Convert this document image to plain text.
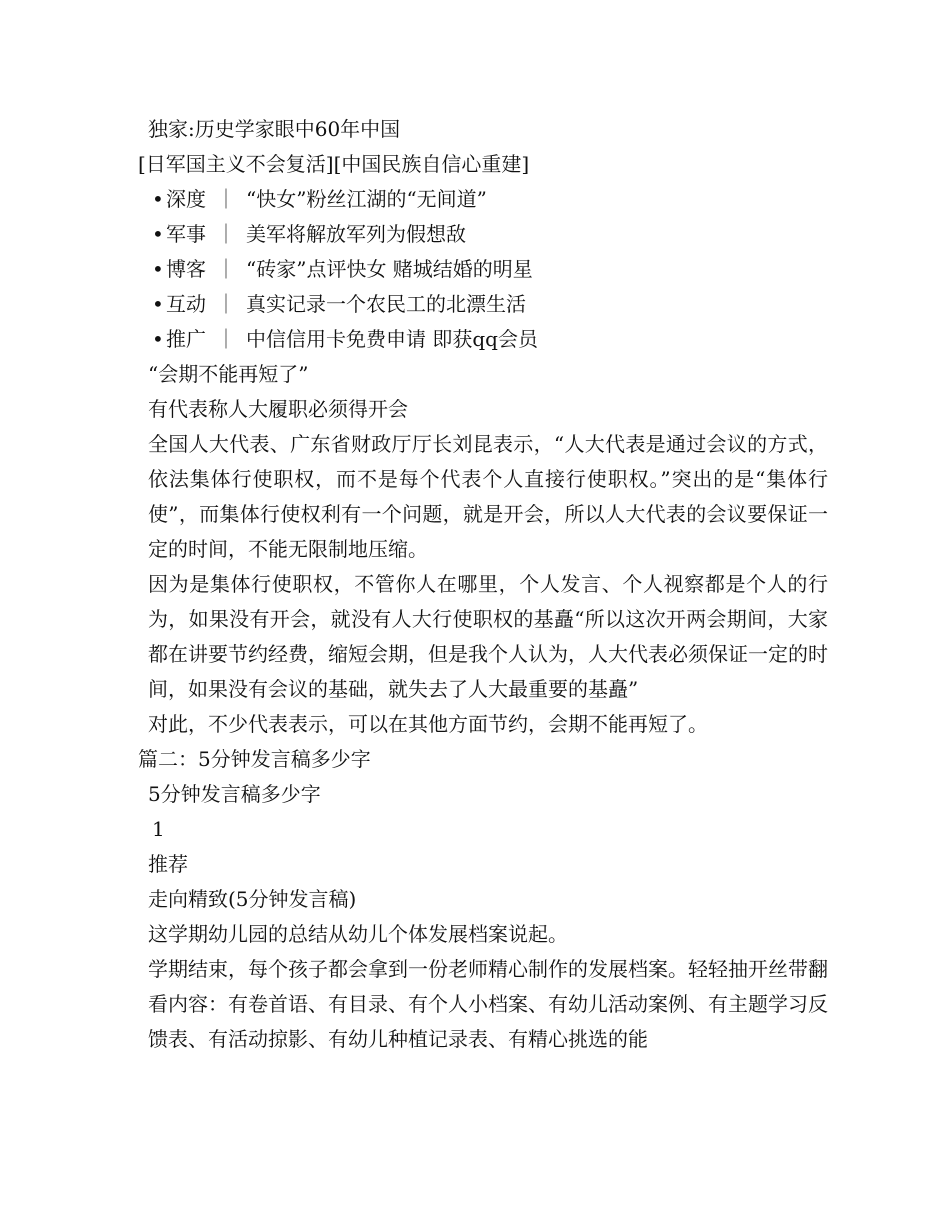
独家:历史学家眼中60年中国
[日军国主义不会复活][中国民族自信心重建]
• 深度 ｜ “快女”粉丝江湖的“无间道”
• 军事 ｜ 美军将解放军列为假想敌
• 博客 ｜ “砖家”点评快女 赌城结婚的明星
• 互动 ｜ 真实记录一个农民工的北漂生活
• 推广 ｜ 中信信用卡免费申请 即获qq会员
“会期不能再短了”
有代表称人大履职必须得开会

全国人大代表、广东省财政厅厅长刘昆表示，“人大代表是通过会议的方式，依法集体行使职权，而不是每个代表个人直接行使职权。”突出的是“集体行使”，而集体行使权利有一个问题，就是开会，所以人大代表的会议要保证一定的时间，不能无限制地压缩。

因为是集体行使职权，不管你人在哪里，个人发言、个人视察都是个人的行为，如果没有开会，就没有人大行使职权的基矗“所以这次开两会期间，大家都在讲要节约经费，缩短会期，但是我个人认为，人大代表必须保证一定的时间，如果没有会议的基础，就失去了人大最重要的基矗”

对此，不少代表表示，可以在其他方面节约，会期不能再短了。

篇二：5分钟发言稿多少字
5分钟发言稿多少字
1
推荐
走向精致(5分钟发言稿)

这学期幼儿园的总结从幼儿个体发展档案说起。

学期结束，每个孩子都会拿到一份老师精心制作的发展档案。轻轻抽开丝带翻看内容：有卷首语、有目录、有个人小档案、有幼儿活动案例、有主题学习反馈表、有活动掠影、有幼儿种植记录表、有精心挑选的能
